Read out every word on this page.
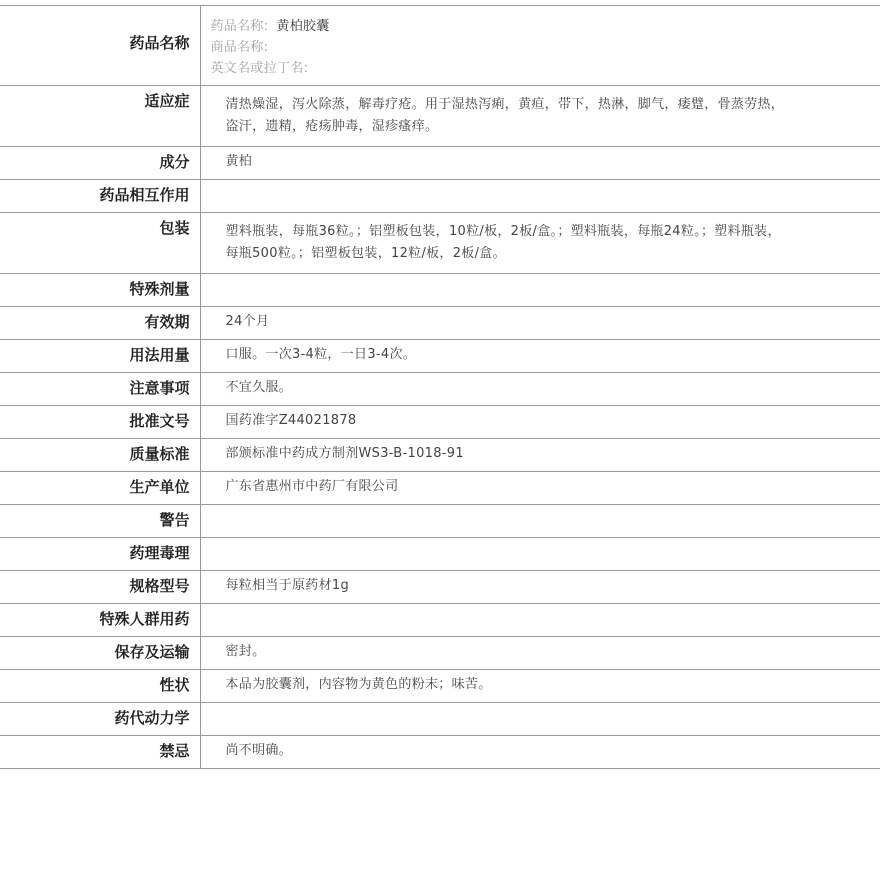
药品名称	药品名称: 黄柏胶囊
商品名称:
英文名或拉丁名:

适应症	清热燥湿，泻火除蒸，解毒疗疮。用于湿热泻痢，黄疸，带下，热淋，脚气，痿躄，骨蒸劳热，盗汗，遗精，疮疡肿毒，湿疹瘙痒。
成分	黄柏
药品相互作用	
包装	塑料瓶装，每瓶36粒。；铝塑板包装，10粒/板，2板/盒。；塑料瓶装，每瓶24粒。；塑料瓶装，每瓶500粒。；铝塑板包装，12粒/板，2板/盒。
特殊剂量	
有效期	24个月
用法用量	口服。一次3-4粒，一日3-4次。
注意事项	不宜久服。
批准文号	国药准字Z44021878
质量标准	部颁标准中药成方制剂WS3-B-1018-91
生产单位	广东省惠州市中药厂有限公司
警告	
药理毒理	
规格型号	每粒相当于原药材1g
特殊人群用药	
保存及运输	密封。
性状	本品为胶囊剂，内容物为黄色的粉末；味苦。
药代动力学	
禁忌	尚不明确。
